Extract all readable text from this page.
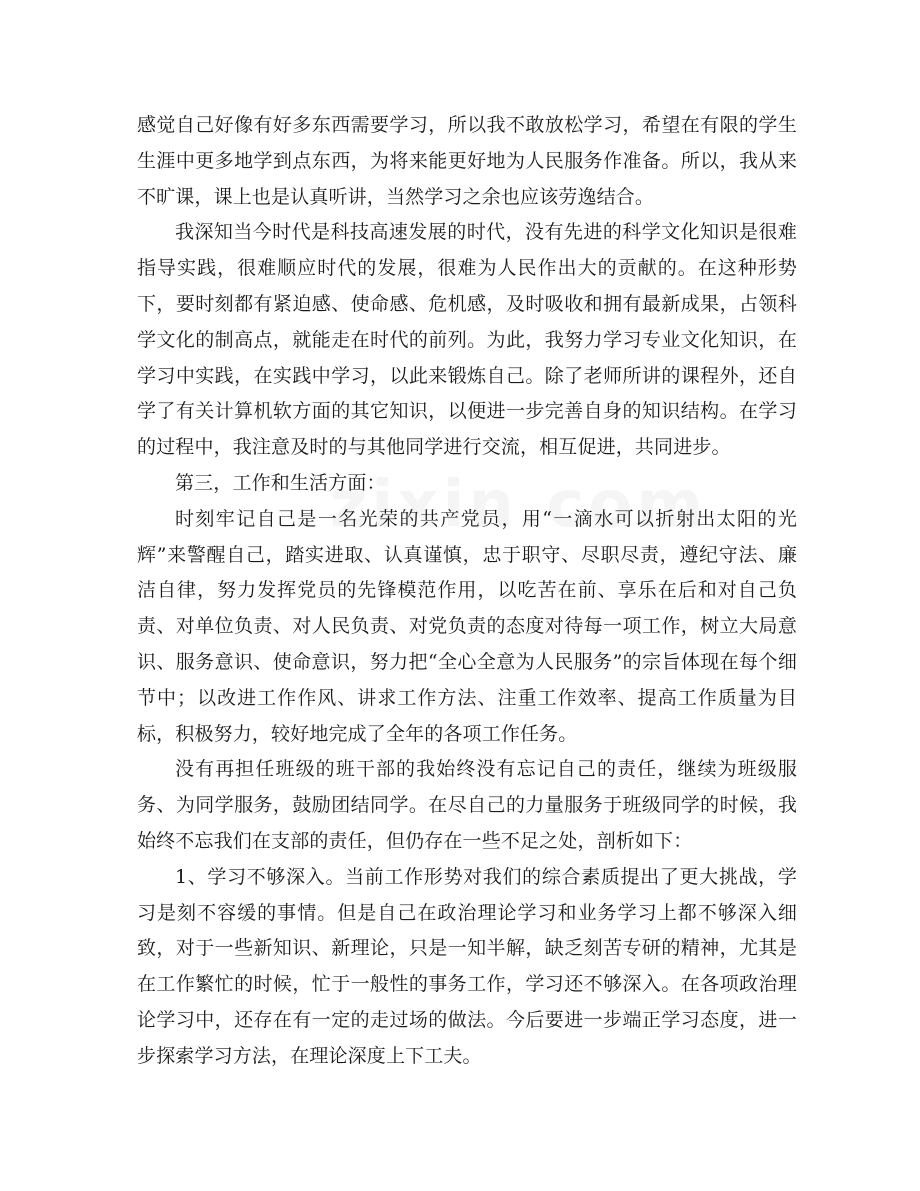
感觉自己好像有好多东西需要学习，所以我不敢放松学习，希望在有限的学生生涯中更多地学到点东西，为将来能更好地为人民服务作准备。所以，我从来不旷课，课上也是认真听讲，当然学习之余也应该劳逸结合。

我深知当今时代是科技高速发展的时代，没有先进的科学文化知识是很难指导实践，很难顺应时代的发展，很难为人民作出大的贡献的。在这种形势下，要时刻都有紧迫感、使命感、危机感，及时吸收和拥有最新成果，占领科学文化的制高点，就能走在时代的前列。为此，我努力学习专业文化知识，在学习中实践，在实践中学习，以此来锻炼自己。除了老师所讲的课程外，还自学了有关计算机软方面的其它知识，以便进一步完善自身的知识结构。在学习的过程中，我注意及时的与其他同学进行交流，相互促进，共同进步。

第三，工作和生活方面：

时刻牢记自己是一名光荣的共产党员，用“一滴水可以折射出太阳的光辉”来警醒自己，踏实进取、认真谨慎，忠于职守、尽职尽责，遵纪守法、廉洁自律，努力发挥党员的先锋模范作用，以吃苦在前、享乐在后和对自己负责、对单位负责、对人民负责、对党负责的态度对待每一项工作，树立大局意识、服务意识、使命意识，努力把“全心全意为人民服务”的宗旨体现在每个细节中；以改进工作作风、讲求工作方法、注重工作效率、提高工作质量为目标，积极努力，较好地完成了全年的各项工作任务。

没有再担任班级的班干部的我始终没有忘记自己的责任，继续为班级服务、为同学服务，鼓励团结同学。在尽自己的力量服务于班级同学的时候，我始终不忘我们在支部的责任，但仍存在一些不足之处，剖析如下：

1、学习不够深入。当前工作形势对我们的综合素质提出了更大挑战，学习是刻不容缓的事情。但是自己在政治理论学习和业务学习上都不够深入细致，对于一些新知识、新理论，只是一知半解，缺乏刻苦专研的精神，尤其是在工作繁忙的时候，忙于一般性的事务工作，学习还不够深入。在各项政治理论学习中，还存在有一定的走过场的做法。今后要进一步端正学习态度，进一步探索学习方法，在理论深度上下工夫。
